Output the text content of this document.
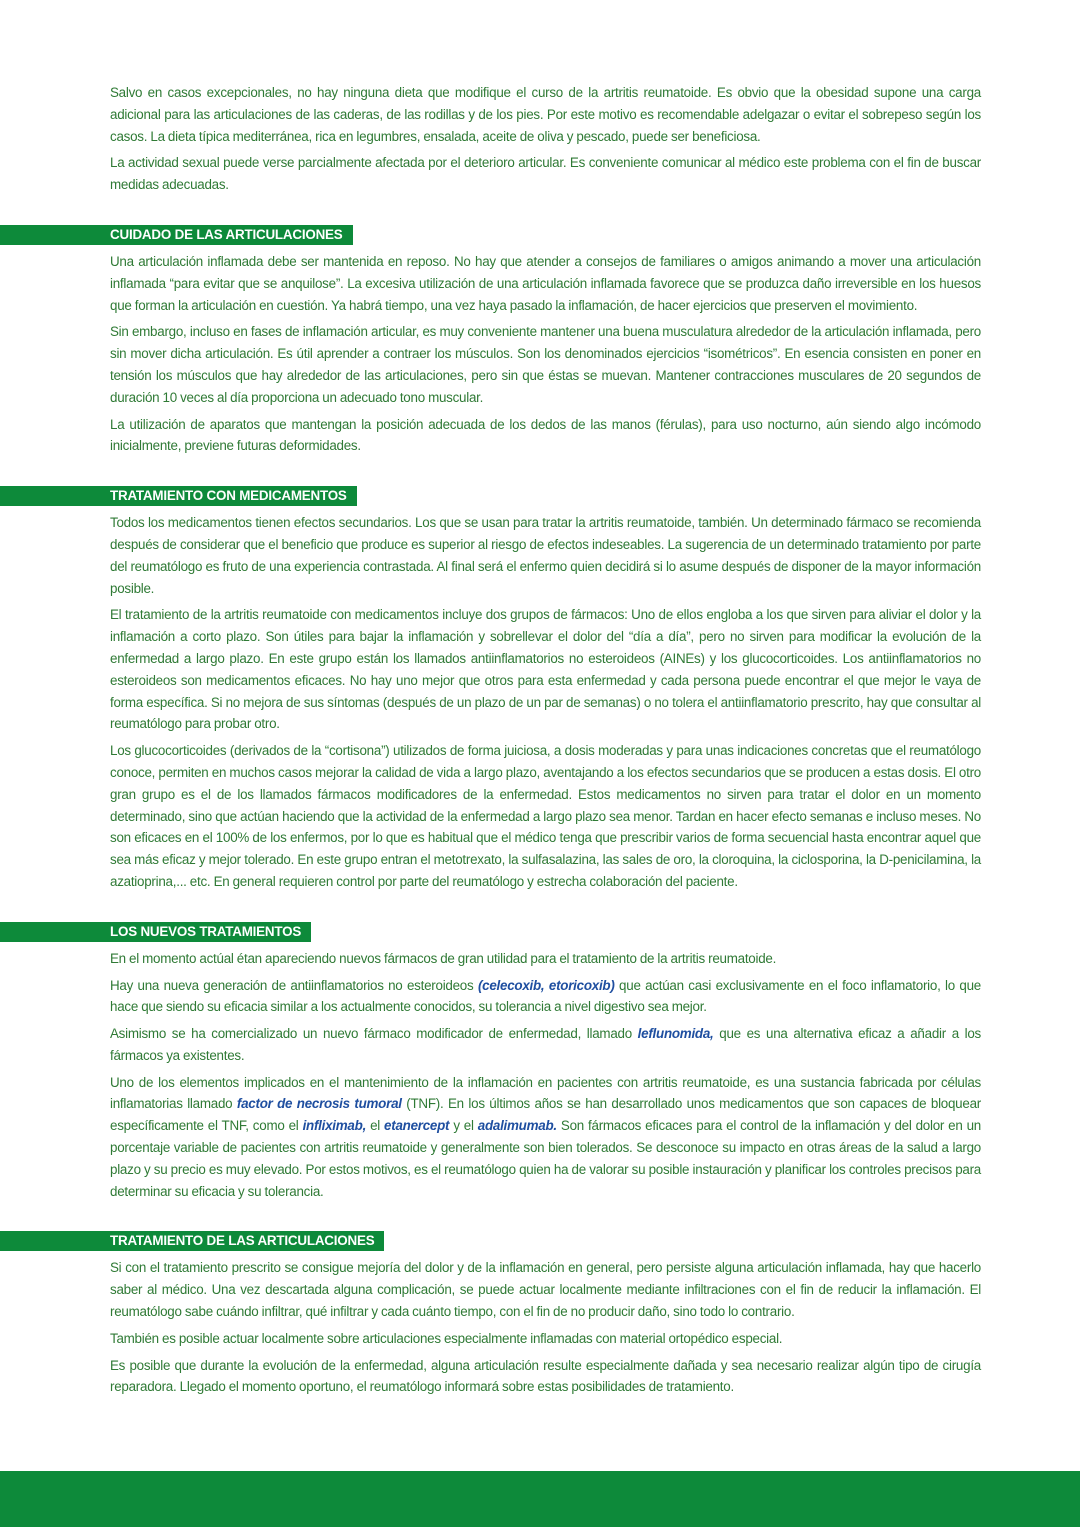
Salvo en casos excepcionales, no hay ninguna dieta que modifique el curso de la artritis reumatoide. Es obvio que la obesidad supone una carga adicional para las articulaciones de las caderas, de las rodillas y de los pies. Por este motivo es recomendable adelgazar o evitar el sobrepeso según los casos. La dieta típica mediterránea, rica en legumbres, ensalada, aceite de oliva y pescado, puede ser beneficiosa.

La actividad sexual puede verse parcialmente afectada por el deterioro articular. Es conveniente comunicar al médico este problema con el fin de buscar medidas adecuadas.

CUIDADO DE LAS ARTICULACIONES

Una articulación inflamada debe ser mantenida en reposo. No hay que atender a consejos de familiares o amigos animando a mover una articulación inflamada “para evitar que se anquilose”. La excesiva utilización de una articulación inflamada favorece que se produzca daño irreversible en los huesos que forman la articulación en cuestión. Ya habrá tiempo, una vez haya pasado la inflamación, de hacer ejercicios que preserven el movimiento.

Sin embargo, incluso en fases de inflamación articular, es muy conveniente mantener una buena musculatura alrededor de la articulación inflamada, pero sin mover dicha articulación. Es útil aprender a contraer los músculos. Son los denominados ejercicios “isométricos”. En esencia consisten en poner en tensión los músculos que hay alrededor de las articulaciones, pero sin que éstas se muevan. Mantener contracciones musculares de 20 segundos de duración 10 veces al día proporciona un adecuado tono muscular.

La utilización de aparatos que mantengan la posición adecuada de los dedos de las manos (férulas), para uso nocturno, aún siendo algo incómodo inicialmente, previene futuras deformidades.

TRATAMIENTO CON MEDICAMENTOS

Todos los medicamentos tienen efectos secundarios. Los que se usan para tratar la artritis reumatoide, también. Un determinado fármaco se recomienda después de considerar que el beneficio que produce es superior al riesgo de efectos indeseables. La sugerencia de un determinado tratamiento por parte del reumatólogo es fruto de una experiencia contrastada. Al final será el enfermo quien decidirá si lo asume después de disponer de la mayor información posible.

El tratamiento de la artritis reumatoide con medicamentos incluye dos grupos de fármacos: Uno de ellos engloba a los que sirven para aliviar el dolor y la inflamación a corto plazo. Son útiles para bajar la inflamación y sobrellevar el dolor del “día a día”, pero no sirven para modificar la evolución de la enfermedad a largo plazo. En este grupo están los llamados antiinflamatorios no esteroideos (AINEs) y los glucocorticoides. Los antiinflamatorios no esteroideos son medicamentos eficaces. No hay uno mejor que otros para esta enfermedad y cada persona puede encontrar el que mejor le vaya de forma específica. Si no mejora de sus síntomas (después de un plazo de un par de semanas) o no tolera el antiinflamatorio prescrito, hay que consultar al reumatólogo para probar otro.

Los glucocorticoides (derivados de la “cortisona”) utilizados de forma juiciosa, a dosis moderadas y para unas indicaciones concretas que el reumatólogo conoce, permiten en muchos casos mejorar la calidad de vida a largo plazo, aventajando a los efectos secundarios que se producen a estas dosis. El otro gran grupo es el de los llamados fármacos modificadores de la enfermedad. Estos medicamentos no sirven para tratar el dolor en un momento determinado, sino que actúan haciendo que la actividad de la enfermedad a largo plazo sea menor. Tardan en hacer efecto semanas e incluso meses. No son eficaces en el 100% de los enfermos, por lo que es habitual que el médico tenga que prescribir varios de forma secuencial hasta encontrar aquel que sea más eficaz y mejor tolerado. En este grupo entran el metotrexato, la sulfasalazina, las sales de oro, la cloroquina, la ciclosporina, la D-penicilamina, la azatioprina,... etc. En general requieren control por parte del reumatólogo y estrecha colaboración del paciente.

LOS NUEVOS TRATAMIENTOS

En el momento actúal étan apareciendo nuevos fármacos de gran utilidad para el tratamiento de la artritis reumatoide.

Hay una nueva generación de antiinflamatorios no esteroideos (celecoxib, etoricoxib) que actúan casi exclusivamente en el foco inflamatorio, lo que hace que siendo su eficacia similar a los actualmente conocidos, su tolerancia a nivel digestivo sea mejor.

Asimismo se ha comercializado un nuevo fármaco modificador de enfermedad, llamado leflunomida, que es una alternativa eficaz a añadir a los fármacos ya existentes.

Uno de los elementos implicados en el mantenimiento de la inflamación en pacientes con artritis reumatoide, es una sustancia fabricada por células inflamatorias llamado factor de necrosis tumoral (TNF). En los últimos años se han desarrollado unos medicamentos que son capaces de bloquear específicamente el TNF, como el infliximab, el etanercept y el adalimumab. Son fármacos eficaces para el control de la inflamación y del dolor en un porcentaje variable de pacientes con artritis reumatoide y generalmente son bien tolerados. Se desconoce su impacto en otras áreas de la salud a largo plazo y su precio es muy elevado. Por estos motivos, es el reumatólogo quien ha de valorar su posible instauración y planificar los controles precisos para determinar su eficacia y su tolerancia.

TRATAMIENTO DE LAS ARTICULACIONES

Si con el tratamiento prescrito se consigue mejoría del dolor y de la inflamación en general, pero persiste alguna articulación inflamada, hay que hacerlo saber al médico. Una vez descartada alguna complicación, se puede actuar localmente mediante infiltraciones con el fin de reducir la inflamación. El reumatólogo sabe cuándo infiltrar, qué infiltrar y cada cuánto tiempo, con el fin de no producir daño, sino todo lo contrario.

También es posible actuar localmente sobre articulaciones especialmente inflamadas con material ortopédico especial.

Es posible que durante la evolución de la enfermedad, alguna articulación resulte especialmente dañada y sea necesario realizar algún tipo de cirugía reparadora. Llegado el momento oportuno, el reumatólogo informará sobre estas posibilidades de tratamiento.
